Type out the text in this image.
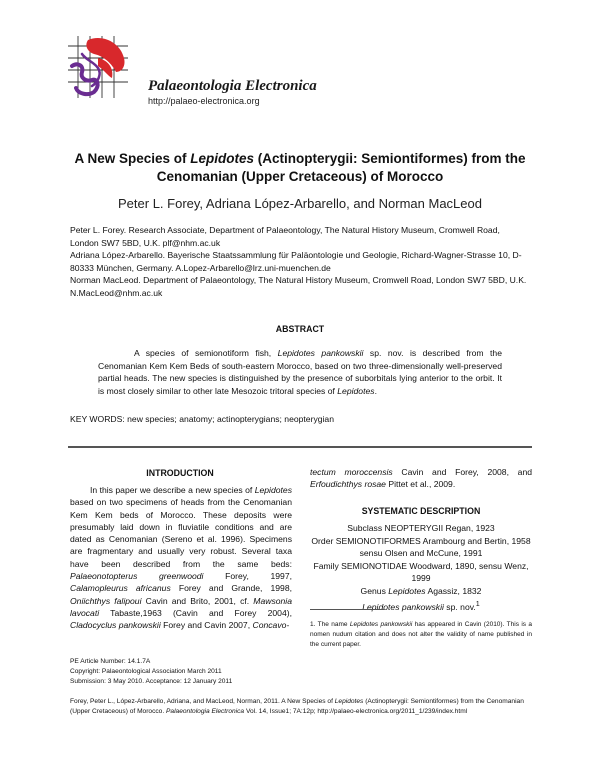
Palaeontologia Electronica
http://palaeo-electronica.org
A New Species of Lepidotes (Actinopterygii: Semiontiformes) from the Cenomanian (Upper Cretaceous) of Morocco
Peter L. Forey, Adriana López-Arbarello, and Norman MacLeod

Peter L. Forey. Research Associate, Department of Palaeontology, The Natural History Museum, Cromwell Road, London SW7 5BD, U.K. plf@nhm.ac.uk

Adriana López-Arbarello. Bayerische Staatssammlung für Paläontologie und Geologie, Richard-Wagner-Strasse 10, D-80333 München, Germany. A.Lopez-Arbarello@lrz.uni-muenchen.de

Norman MacLeod. Department of Palaeontology, The Natural History Museum, Cromwell Road, London SW7 5BD, U.K. N.MacLeod@nhm.ac.uk

ABSTRACT
A species of semionotiform fish, Lepidotes pankowskii sp. nov. is described from the Cenomanian Kem Kem Beds of south-eastern Morocco, based on two three-dimensionally well-preserved partial heads. The new species is distinguished by the presence of suborbitals lying anterior to the orbit. It is most closely similar to other late Mesozoic tritoral species of Lepidotes.
KEY WORDS: new species; anatomy; actinopterygians; neopterygian
INTRODUCTION
In this paper we describe a new species of Lepidotes based on two specimens of heads from the Cenomanian Kem Kem beds of Morocco. These deposits were presumably laid down in fluviatile conditions and are dated as Cenomanian (Sereno et al. 1996). Specimens are fragmentary and usually very robust. Several taxa have been described from the same beds: Palaeonotopterus greenwoodi Forey, 1997, Calamopleurus africanus Forey and Grande, 1998, Oniichthys falipoui Cavin and Brito, 2001, cf. Mawsonia lavocati Tabaste,1963 (Cavin and Forey 2004), Cladocyclus pankowskii Forey and Cavin 2007, Concavo-
tectum moroccensis Cavin and Forey, 2008, and Erfoudichthys rosae Pittet et al., 2009.
SYSTEMATIC DESCRIPTION

Subclass NEOPTERYGII Regan, 1923

Order SEMIONOTIFORMES Arambourg and Bertin, 1958 sensu Olsen and McCune, 1991

Family SEMIONOTIDAE Woodward, 1890, sensu Wenz, 1999

Genus Lepidotes Agassiz, 1832

Lepidotes pankowskii sp. nov.$^1$

1. The name Lepidotes pankowskii has appeared in Cavin (2010). This is a nomen nudum citation and does not alter the validity of name published in the current paper.

PE Article Number: 14.1.7A

Copyright: Palaeontological Association March 2011

Submission: 3 May 2010. Acceptance: 12 January 2011

Forey, Peter L., López-Arbarello, Adriana, and MacLeod, Norman, 2011. A New Species of Lepidotes (Actinopterygii: Semiontiformes) from the Cenomanian (Upper Cretaceous) of Morocco. Palaeontologia Electronica Vol. 14, Issue1; 7A:12p; http://palaeo-electronica.org/2011_1/239/index.html
